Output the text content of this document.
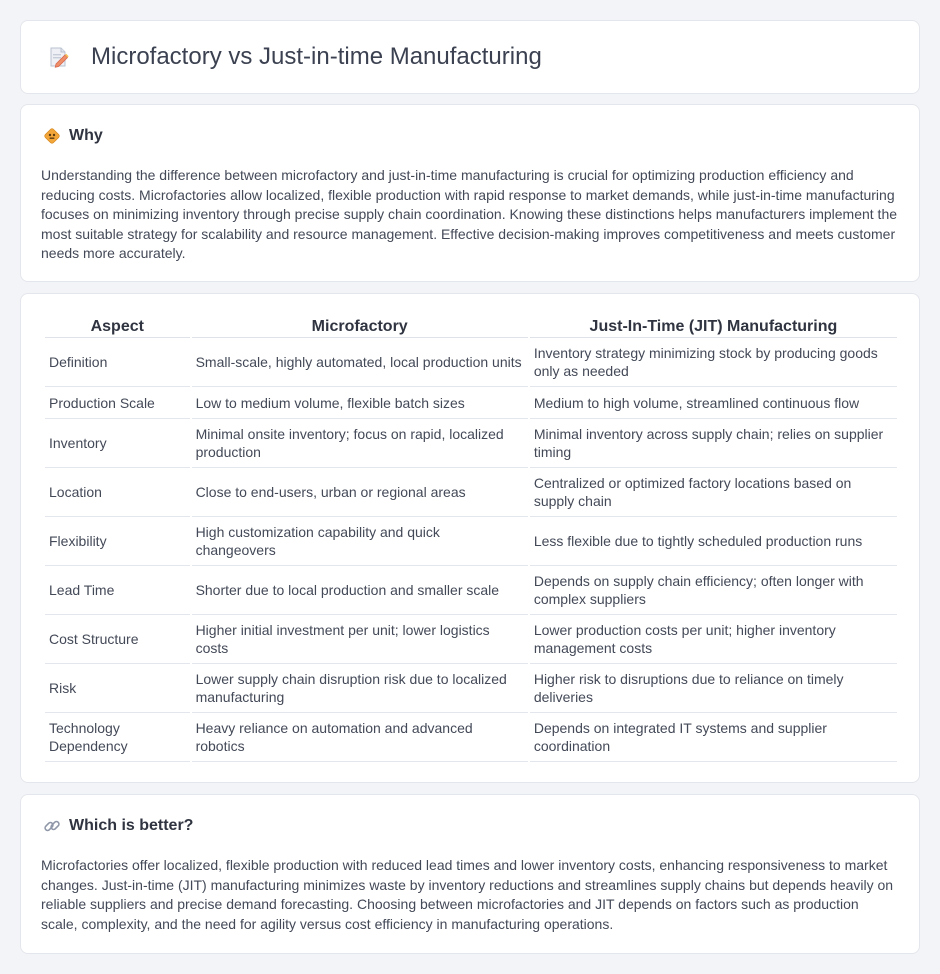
Microfactory vs Just-in-time Manufacturing
Why

Understanding the difference between microfactory and just-in-time manufacturing is crucial for optimizing production efficiency and reducing costs. Microfactories allow localized, flexible production with rapid response to market demands, while just-in-time manufacturing focuses on minimizing inventory through precise supply chain coordination. Knowing these distinctions helps manufacturers implement the most suitable strategy for scalability and resource management. Effective decision-making improves competitiveness and meets customer needs more accurately.

Aspect	Microfactory	Just-In-Time (JIT) Manufacturing
Definition	Small-scale, highly automated, local production units	Inventory strategy minimizing stock by producing goods only as needed
Production Scale	Low to medium volume, flexible batch sizes	Medium to high volume, streamlined continuous flow
Inventory	Minimal onsite inventory; focus on rapid, localized production	Minimal inventory across supply chain; relies on supplier timing
Location	Close to end-users, urban or regional areas	Centralized or optimized factory locations based on supply chain
Flexibility	High customization capability and quick changeovers	Less flexible due to tightly scheduled production runs
Lead Time	Shorter due to local production and smaller scale	Depends on supply chain efficiency; often longer with complex suppliers
Cost Structure	Higher initial investment per unit; lower logistics costs	Lower production costs per unit; higher inventory management costs
Risk	Lower supply chain disruption risk due to localized manufacturing	Higher risk to disruptions due to reliance on timely deliveries
Technology Dependency	Heavy reliance on automation and advanced robotics	Depends on integrated IT systems and supplier coordination
Which is better?

Microfactories offer localized, flexible production with reduced lead times and lower inventory costs, enhancing responsiveness to market changes. Just-in-time (JIT) manufacturing minimizes waste by inventory reductions and streamlines supply chains but depends heavily on reliable suppliers and precise demand forecasting. Choosing between microfactories and JIT depends on factors such as production scale, complexity, and the need for agility versus cost efficiency in manufacturing operations.
